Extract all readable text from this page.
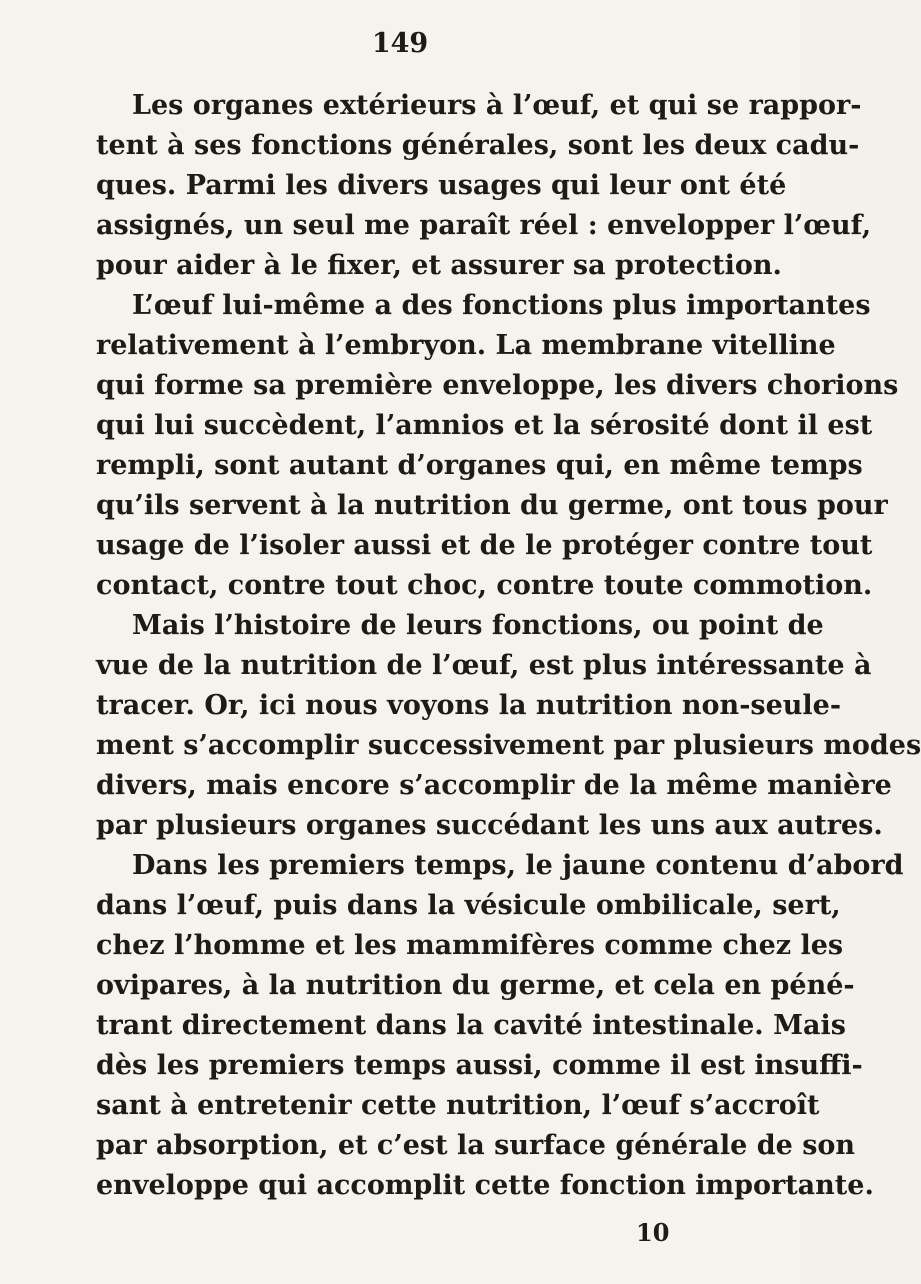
149
Les organes extérieurs à l’œuf, et qui se rappor-
tent à ses fonctions générales, sont les deux cadu-
ques. Parmi les divers usages qui leur ont été
assignés, un seul me paraît réel : envelopper l’œuf,
pour aider à le fixer, et assurer sa protection.
L’œuf lui-même a des fonctions plus importantes
relativement à l’embryon. La membrane vitelline
qui forme sa première enveloppe, les divers chorions
qui lui succèdent, l’amnios et la sérosité dont il est
rempli, sont autant d’organes qui, en même temps
qu’ils servent à la nutrition du germe, ont tous pour
usage de l’isoler aussi et de le protéger contre tout
contact, contre tout choc, contre toute commotion.
Mais l’histoire de leurs fonctions, ou point de
vue de la nutrition de l’œuf, est plus intéressante à
tracer. Or, ici nous voyons la nutrition non-seule-
ment s’accomplir successivement par plusieurs modes
divers, mais encore s’accomplir de la même manière
par plusieurs organes succédant les uns aux autres.
Dans les premiers temps, le jaune contenu d’abord
dans l’œuf, puis dans la vésicule ombilicale, sert,
chez l’homme et les mammifères comme chez les
ovipares, à la nutrition du germe, et cela en péné-
trant directement dans la cavité intestinale. Mais
dès les premiers temps aussi, comme il est insuffi-
sant à entretenir cette nutrition, l’œuf s’accroît
par absorption, et c’est la surface générale de son
enveloppe qui accomplit cette fonction importante.
10
